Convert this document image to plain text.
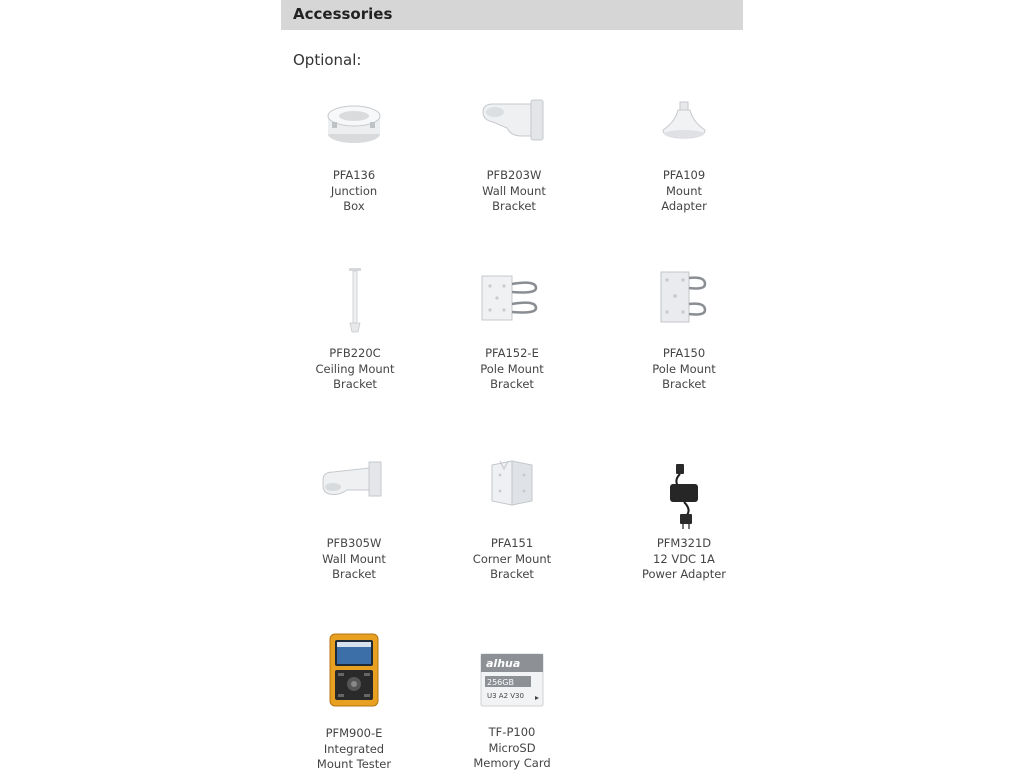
Accessories
Optional:
PFA136
Junction
Box
PFB203W
Wall Mount
Bracket
PFA109
Mount
Adapter
PFB220C
Ceiling Mount
Bracket
PFA152-E
Pole Mount
Bracket
PFA150
Pole Mount
Bracket
PFB305W
Wall Mount
Bracket
PFA151
Corner Mount
Bracket
PFM321D
12 VDC 1A
Power Adapter
PFM900-E
Integrated
Mount Tester
alhua
256GB
U3 A2 V30
TF-P100
MicroSD
Memory Card
